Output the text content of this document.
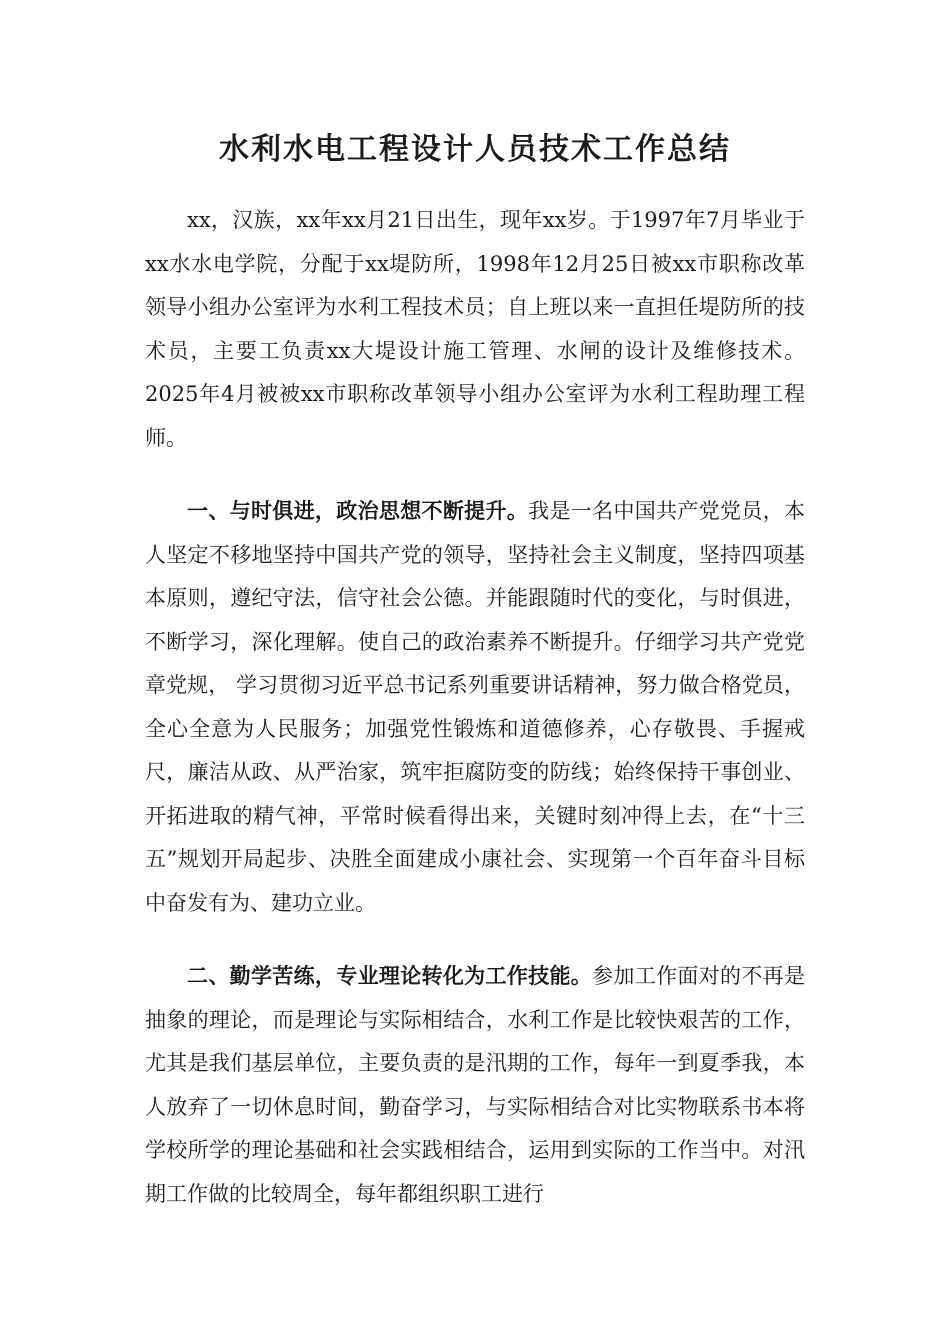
水利水电工程设计人员技术工作总结

xx，汉族，xx年xx月21日出生，现年xx岁。于1997年7月毕业于xx水水电学院，分配于xx堤防所，1998年12月25日被xx市职称改革领导小组办公室评为水利工程技术员；自上班以来一直担任堤防所的技术员，主要工负责xx大堤设计施工管理、水闸的设计及维修技术。2025年4月被被xx市职称改革领导小组办公室评为水利工程助理工程师。

一、与时俱进，政治思想不断提升。我是一名中国共产党党员，本人坚定不移地坚持中国共产党的领导，坚持社会主义制度，坚持四项基本原则，遵纪守法，信守社会公德。并能跟随时代的变化，与时俱进，不断学习，深化理解。使自己的政治素养不断提升。仔细学习共产党党章党规， 学习贯彻习近平总书记系列重要讲话精神，努力做合格党员，全心全意为人民服务；加强党性锻炼和道德修养，心存敬畏、手握戒尺，廉洁从政、从严治家，筑牢拒腐防变的防线；始终保持干事创业、开拓进取的精气神，平常时候看得出来，关键时刻冲得上去，在“十三五”规划开局起步、决胜全面建成小康社会、实现第一个百年奋斗目标中奋发有为、建功立业。

二、勤学苦练，专业理论转化为工作技能。参加工作面对的不再是抽象的理论，而是理论与实际相结合，水利工作是比较快艰苦的工作，尤其是我们基层单位，主要负责的是汛期的工作，每年一到夏季我，本人放弃了一切休息时间，勤奋学习，与实际相结合对比实物联系书本将学校所学的理论基础和社会实践相结合，运用到实际的工作当中。对汛期工作做的比较周全，每年都组织职工进行
